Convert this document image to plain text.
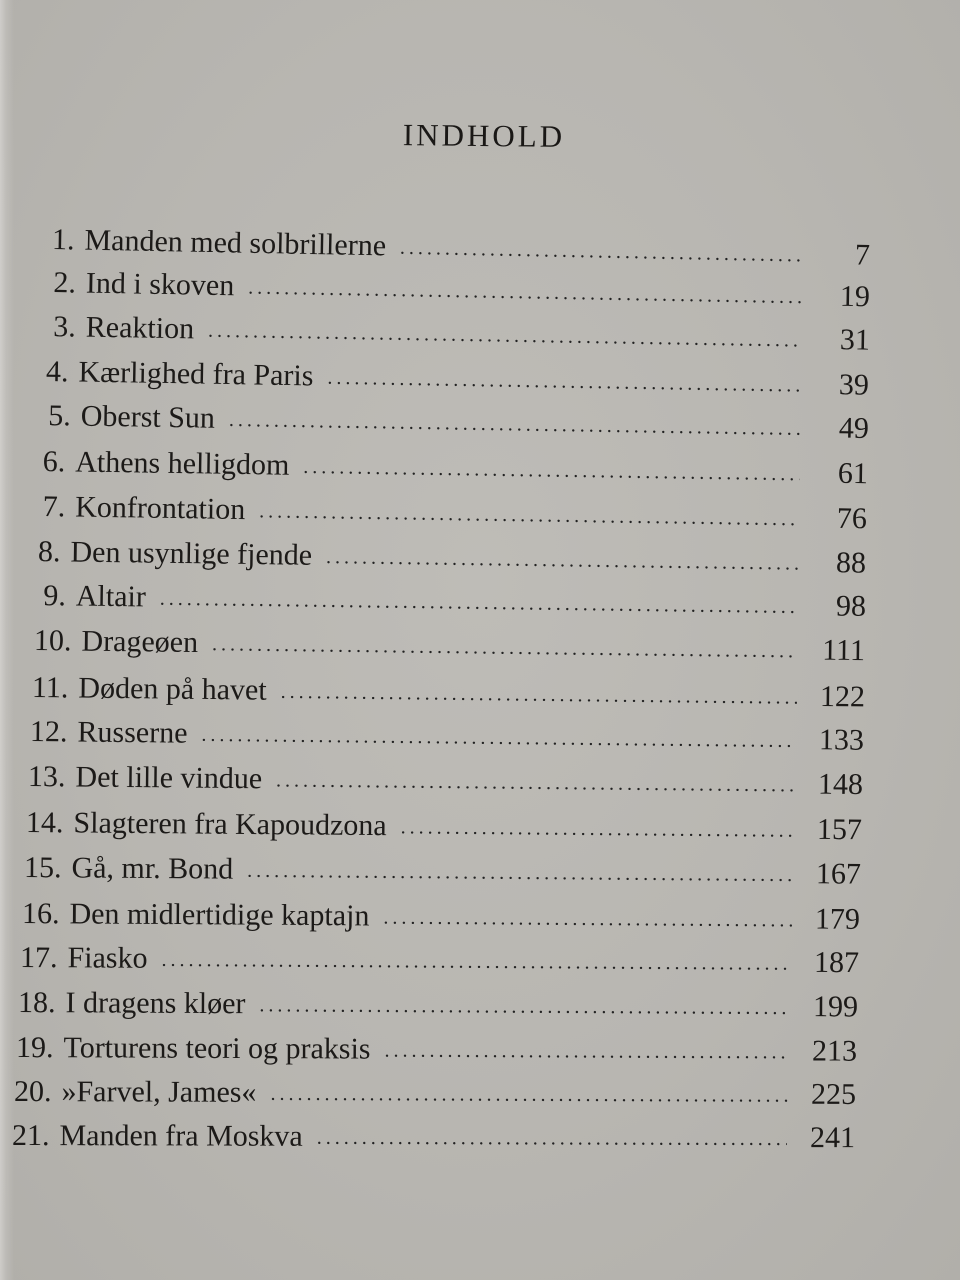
INDHOLD
1. Manden med solbrillerne .....	7
2. Ind i skoven .....	19
3. Reaktion .....	31
4. Kærlighed fra Paris .....	39
5. Oberst Sun .....	49
6. Athens helligdom .....	61
7. Konfrontation .....	76
8. Den usynlige fjende .....	88
9. Altair .....	98
10. Drageøen .....	111
11. Døden på havet .....	122
12. Russerne .....	133
13. Det lille vindue .....	148
14. Slagteren fra Kapoudzona .....	157
15. Gå, mr. Bond .....	167
16. Den midlertidige kaptajn .....	179
17. Fiasko .....	187
18. I dragens kløer .....	199
19. Torturens teori og praksis .....	213
20. »Farvel, James« .....	225
21. Manden fra Moskva .....	241
